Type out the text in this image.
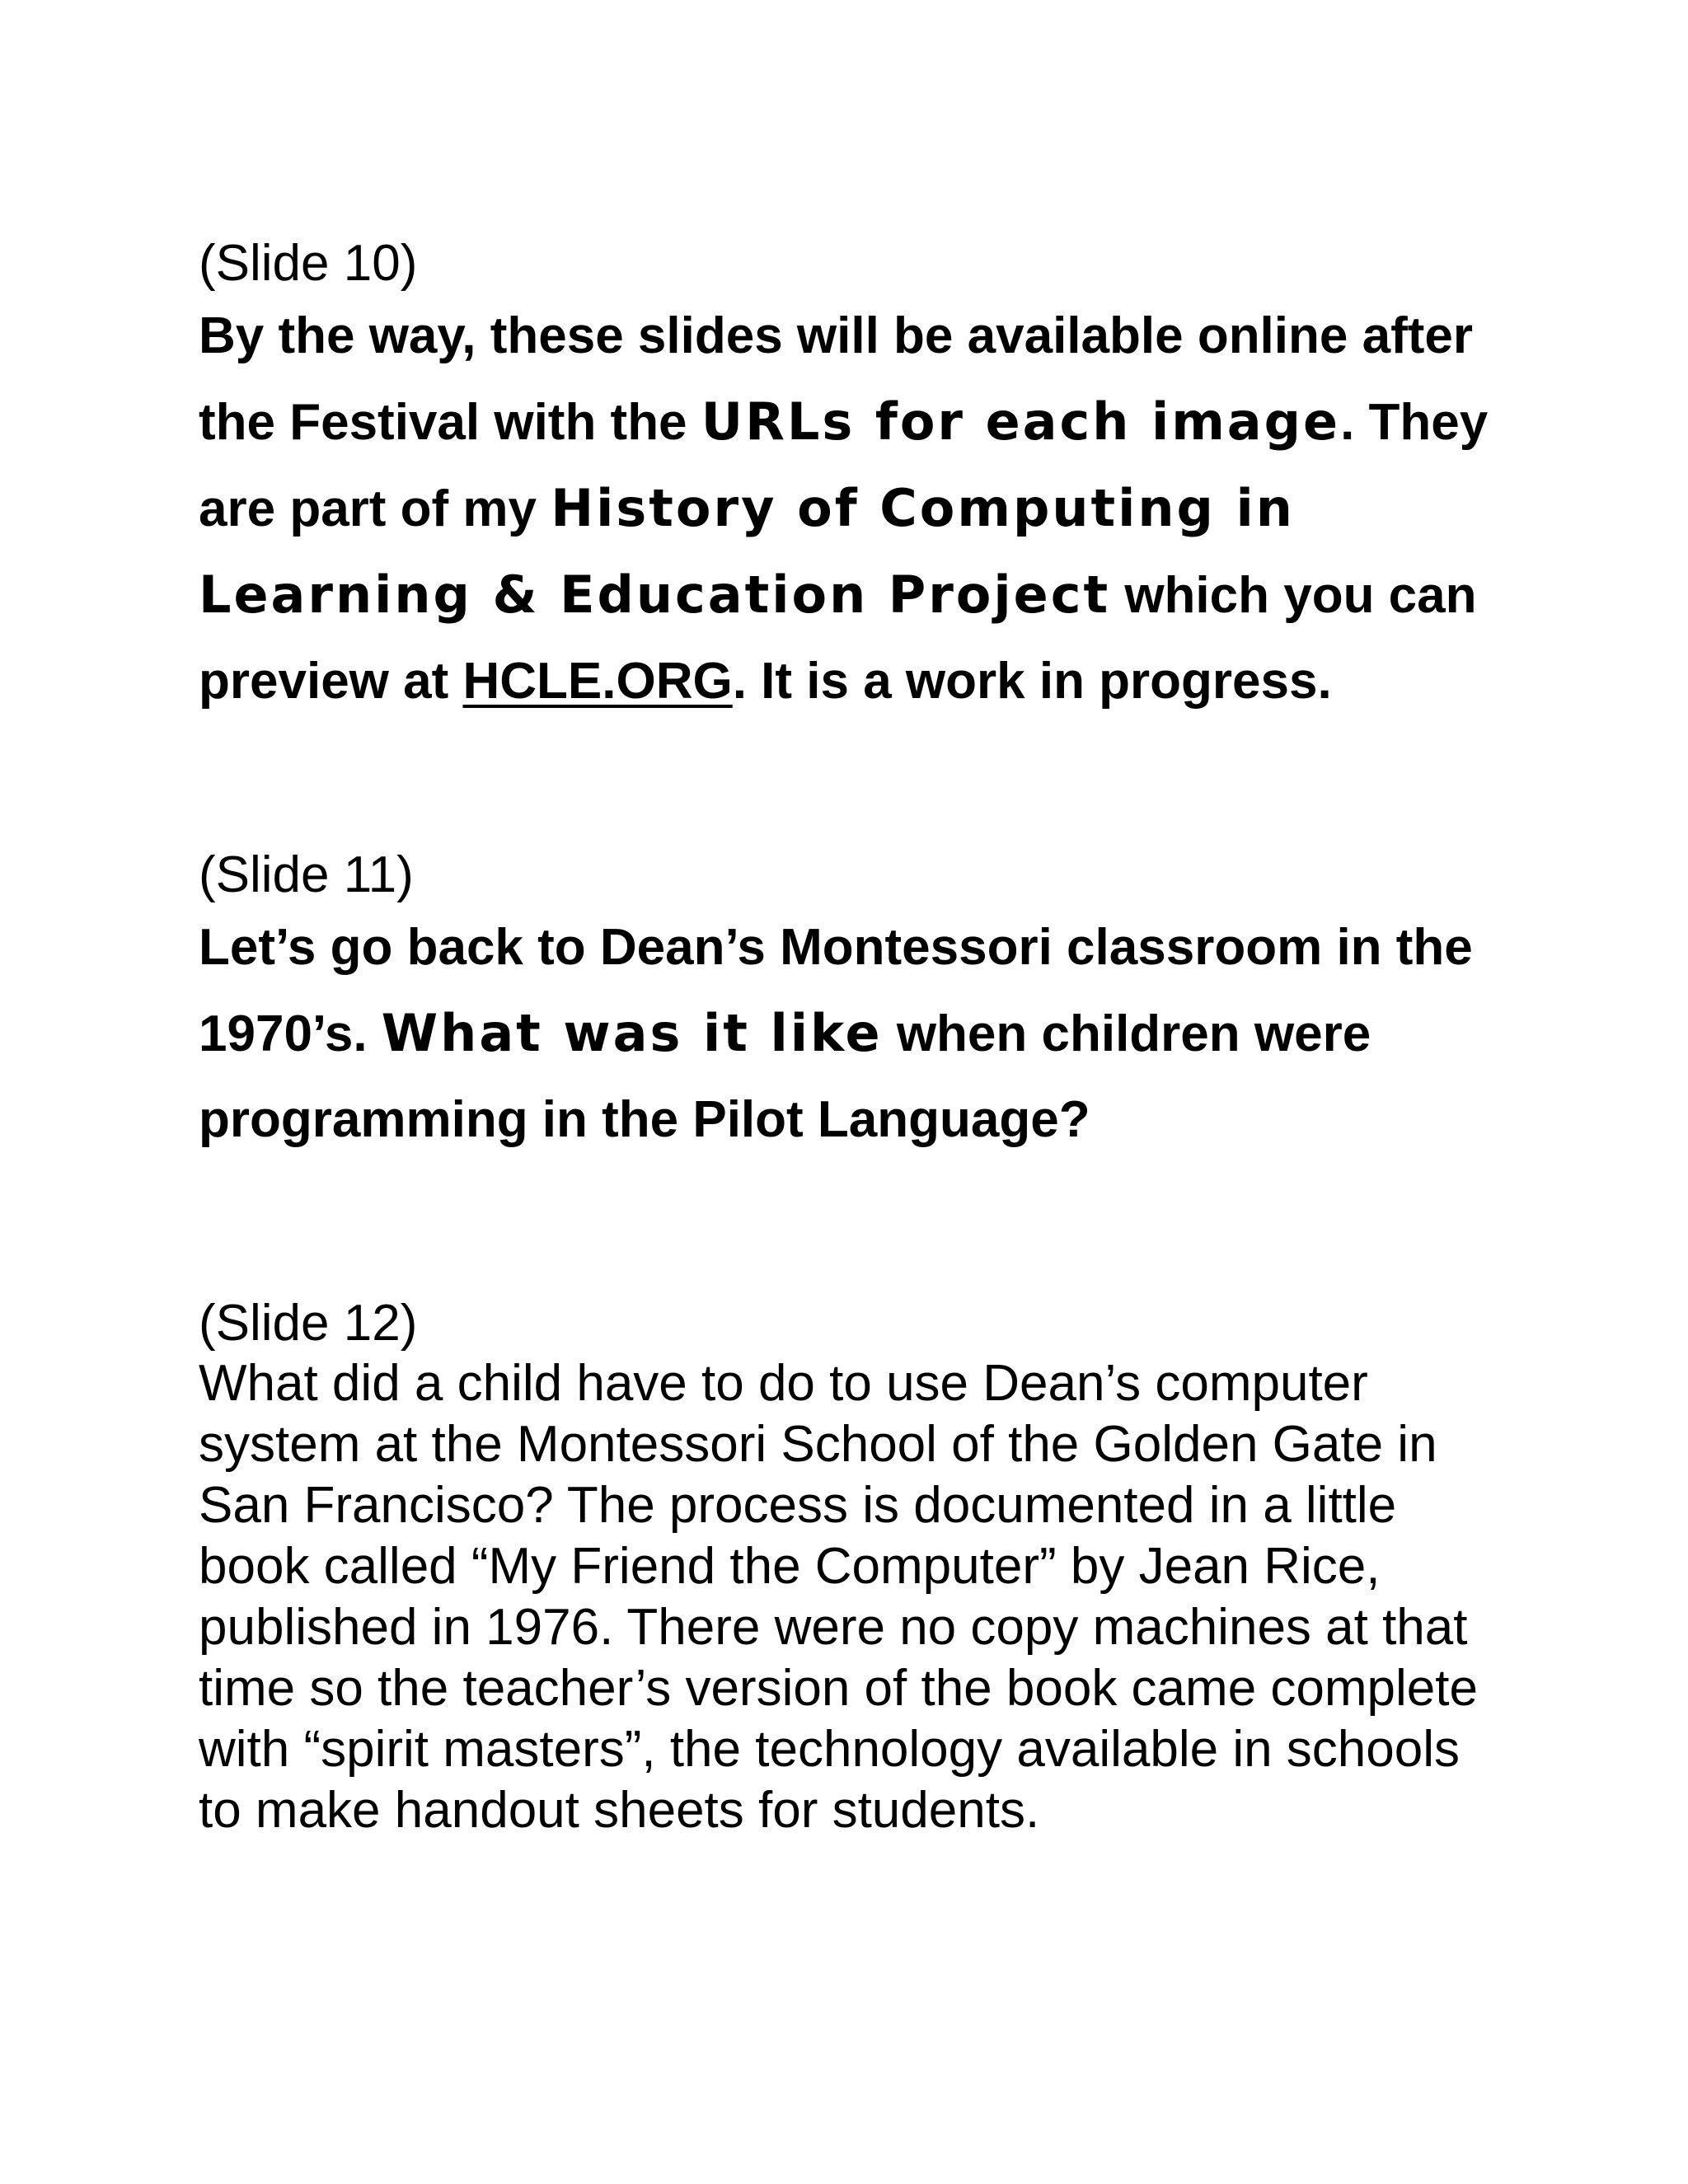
(Slide 10)

By the way, these slides will be available online after the Festival with the URLs for each image. They are part of my History of Computing in Learning & Education Project which you can preview at HCLE.ORG. It is a work in progress.

(Slide 11)

Let’s go back to Dean’s Montessori classroom in the 1970’s. What was it like when children were programming in the Pilot Language?

(Slide 12)

What did a child have to do to use Dean’s computer system at the Montessori School of the Golden Gate in San Francisco? The process is documented in a little book called “My Friend the Computer” by Jean Rice, published in 1976. There were no copy machines at that time so the teacher’s version of the book came complete with “spirit masters”, the technology available in schools to make handout sheets for students.
